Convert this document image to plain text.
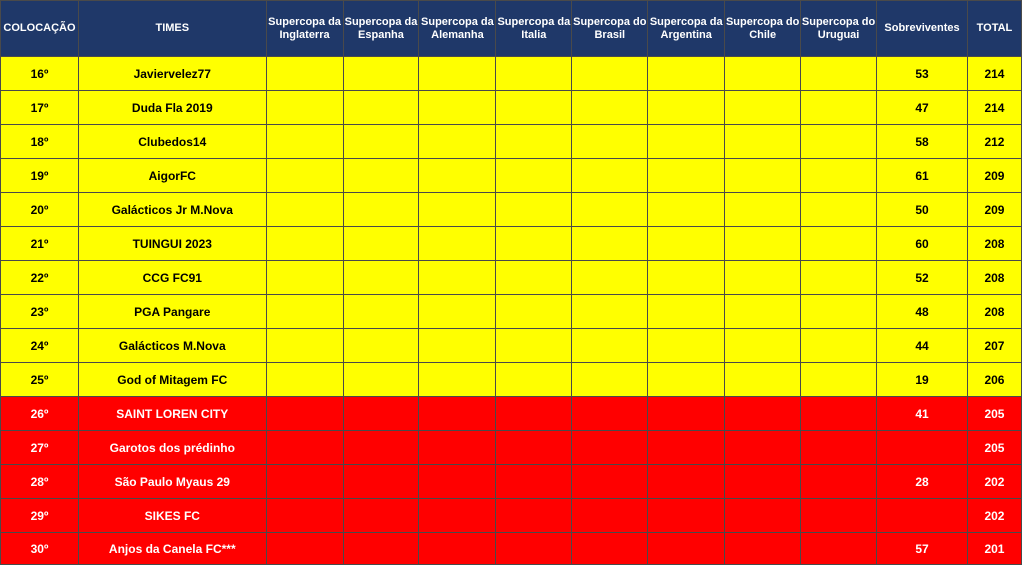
COLOCAÇÃO	TIMES	Supercopa da Inglaterra	Supercopa da Espanha	Supercopa da Alemanha	Supercopa da Italia	Supercopa do Brasil	Supercopa da Argentina	Supercopa do Chile	Supercopa do Uruguai	Sobreviventes	TOTAL	
16º	Javiervelez77									53	214	
17º	Duda Fla 2019									47	214	
18º	Clubedos14									58	212	
19º	AigorFC									61	209	
20º	Galácticos Jr M.Nova									50	209	
21º	TUINGUI 2023									60	208	
22º	CCG FC91									52	208	
23º	PGA Pangare									48	208	
24º	Galácticos M.Nova									44	207	
25º	God of Mitagem FC									19	206	
26º	SAINT LOREN CITY									41	205	
27º	Garotos dos prédinho										205	
28º	São Paulo Myaus 29									28	202	
29º	SIKES FC										202	
30º	Anjos da Canela FC***									57	201	
